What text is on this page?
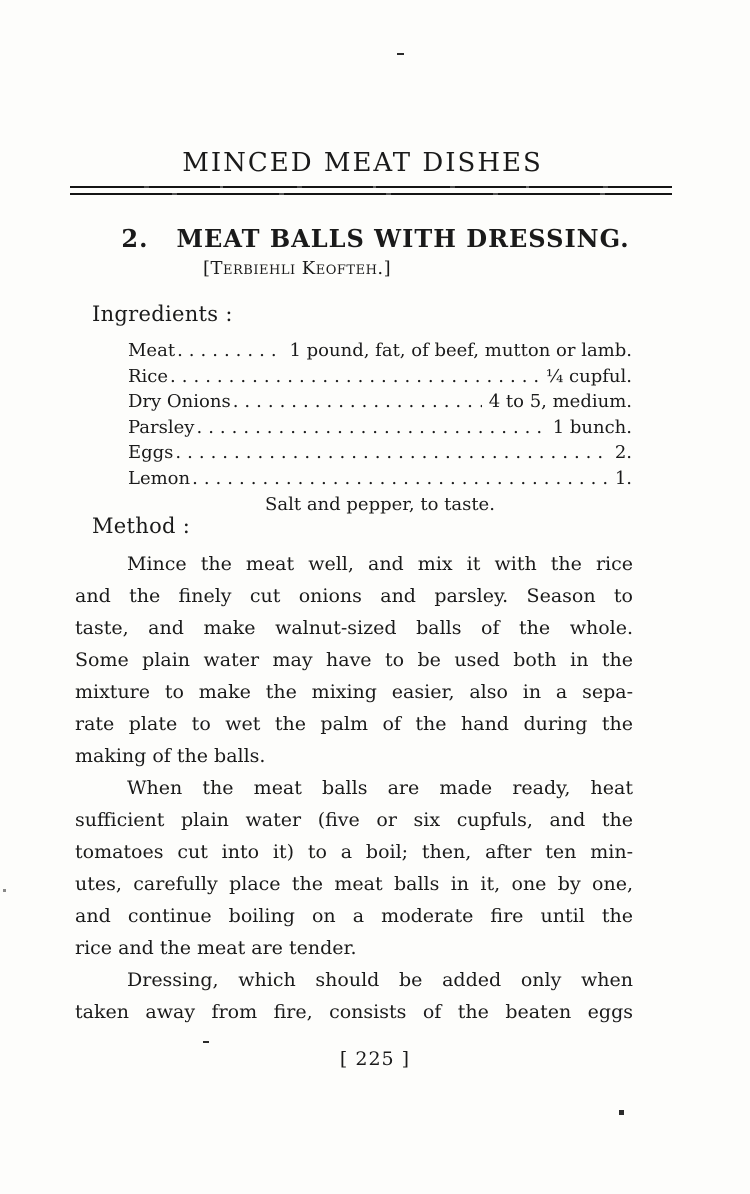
MINCED MEAT DISHES
2. MEAT BALLS WITH DRESSING.
[Terbiehli Keofteh.]
Ingredients :
Meat .....	1 pound, fat, of beef, mutton or lamb.
Rice .....	¼ cupful.
Dry Onions .....	4 to 5, medium.
Parsley .....	1 bunch.
Eggs .....	2.
Lemon .....	1.
Salt and pepper, to taste.
Method :
Mince the meat well, and mix it with the rice
and the finely cut onions and parsley. Season to
taste, and make walnut-sized balls of the whole.
Some plain water may have to be used both in the
mixture to make the mixing easier, also in a sepa-
rate plate to wet the palm of the hand during the
making of the balls.
When the meat balls are made ready, heat
sufficient plain water (five or six cupfuls, and the
tomatoes cut into it) to a boil; then, after ten min-
utes, carefully place the meat balls in it, one by one,
and continue boiling on a moderate fire until the
rice and the meat are tender.
Dressing, which should be added only when
taken away from fire, consists of the beaten eggs
[ 225 ]
